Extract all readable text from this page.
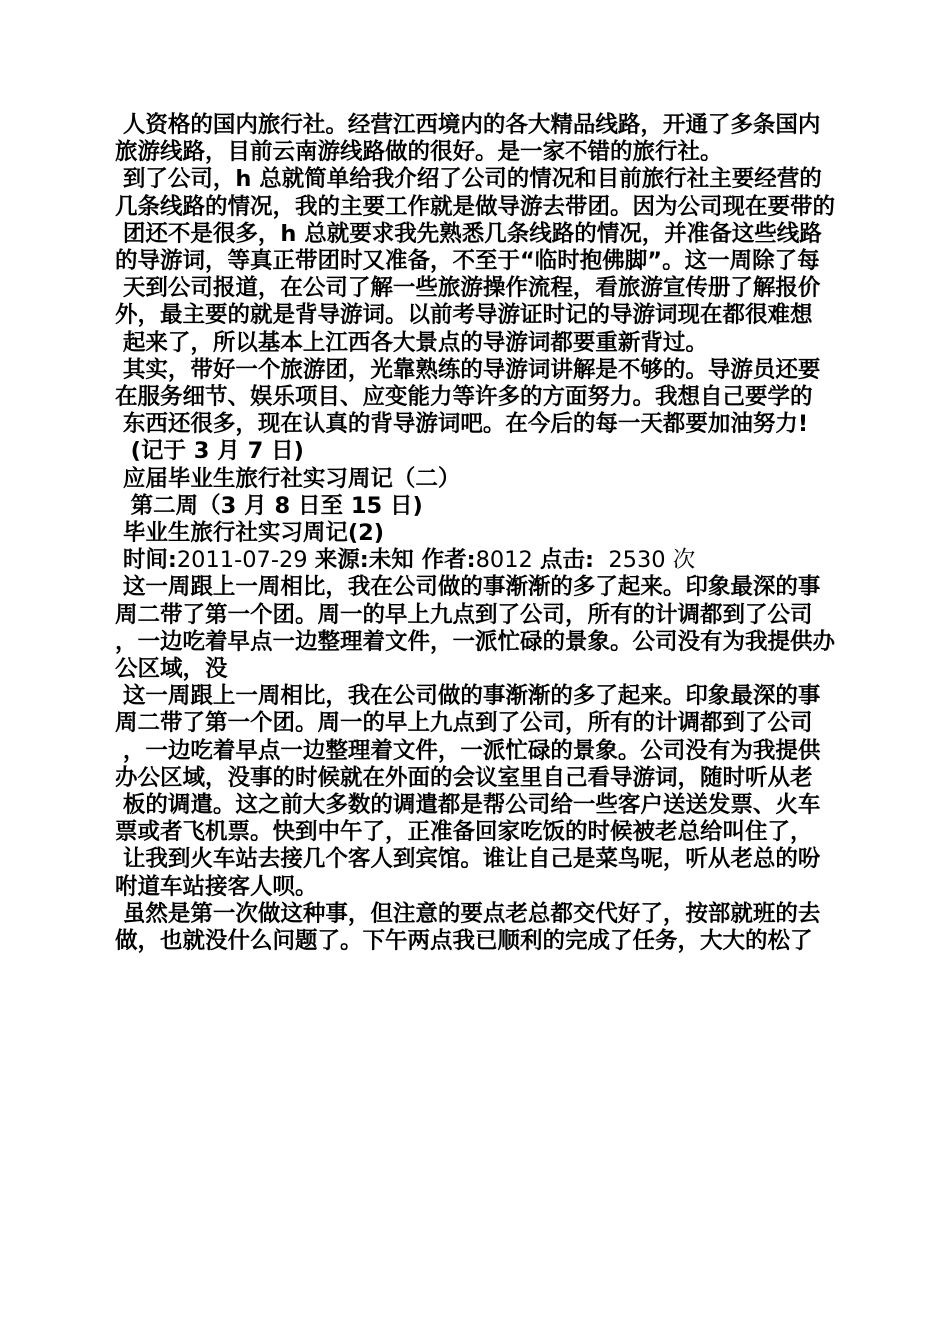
人资格的国内旅行社。经营江西境内的各大精品线路，开通了多条国内旅游线路，目前云南游线路做的很好。是一家不错的旅行社。

到了公司，h 总就简单给我介绍了公司的情况和目前旅行社主要经营的几条线路的情况，我的主要工作就是做导游去带团。因为公司现在要带的

团还不是很多，h 总就要求我先熟悉几条线路的情况，并准备这些线路的导游词，等真正带团时又准备，不至于“临时抱佛脚”。这一周除了每

天到公司报道，在公司了解一些旅游操作流程，看旅游宣传册了解报价外，最主要的就是背导游词。以前考导游证时记的导游词现在都很难想

起来了，所以基本上江西各大景点的导游词都要重新背过。

其实，带好一个旅游团，光靠熟练的导游词讲解是不够的。导游员还要在服务细节、娱乐项目、应变能力等许多的方面努力。我想自己要学的

东西还很多，现在认真的背导游词吧。在今后的每一天都要加油努力!

(记于 3 月 7 日)

应届毕业生旅行社实习周记（二）

第二周（3 月 8 日至 15 日)

毕业生旅行社实习周记(2)

时间:2011-07-29 来源:未知 作者:8012 点击:  2530 次

这一周跟上一周相比，我在公司做的事渐渐的多了起来。印象最深的事周二带了第一个团。周一的早上九点到了公司，所有的计调都到了公司 ，一边吃着早点一边整理着文件，一派忙碌的景象。公司没有为我提供办公区域，没

这一周跟上一周相比，我在公司做的事渐渐的多了起来。印象最深的事周二带了第一个团。周一的早上九点到了公司，所有的计调都到了公司

，一边吃着早点一边整理着文件，一派忙碌的景象。公司没有为我提供办公区域，没事的时候就在外面的会议室里自己看导游词，随时听从老

板的调遣。这之前大多数的调遣都是帮公司给一些客户送送发票、火车票或者飞机票。快到中午了，正准备回家吃饭的时候被老总给叫住了，

让我到火车站去接几个客人到宾馆。谁让自己是菜鸟呢，听从老总的吩咐道车站接客人呗。

虽然是第一次做这种事，但注意的要点老总都交代好了，按部就班的去做，也就没什么问题了。下午两点我已顺利的完成了任务，大大的松了
